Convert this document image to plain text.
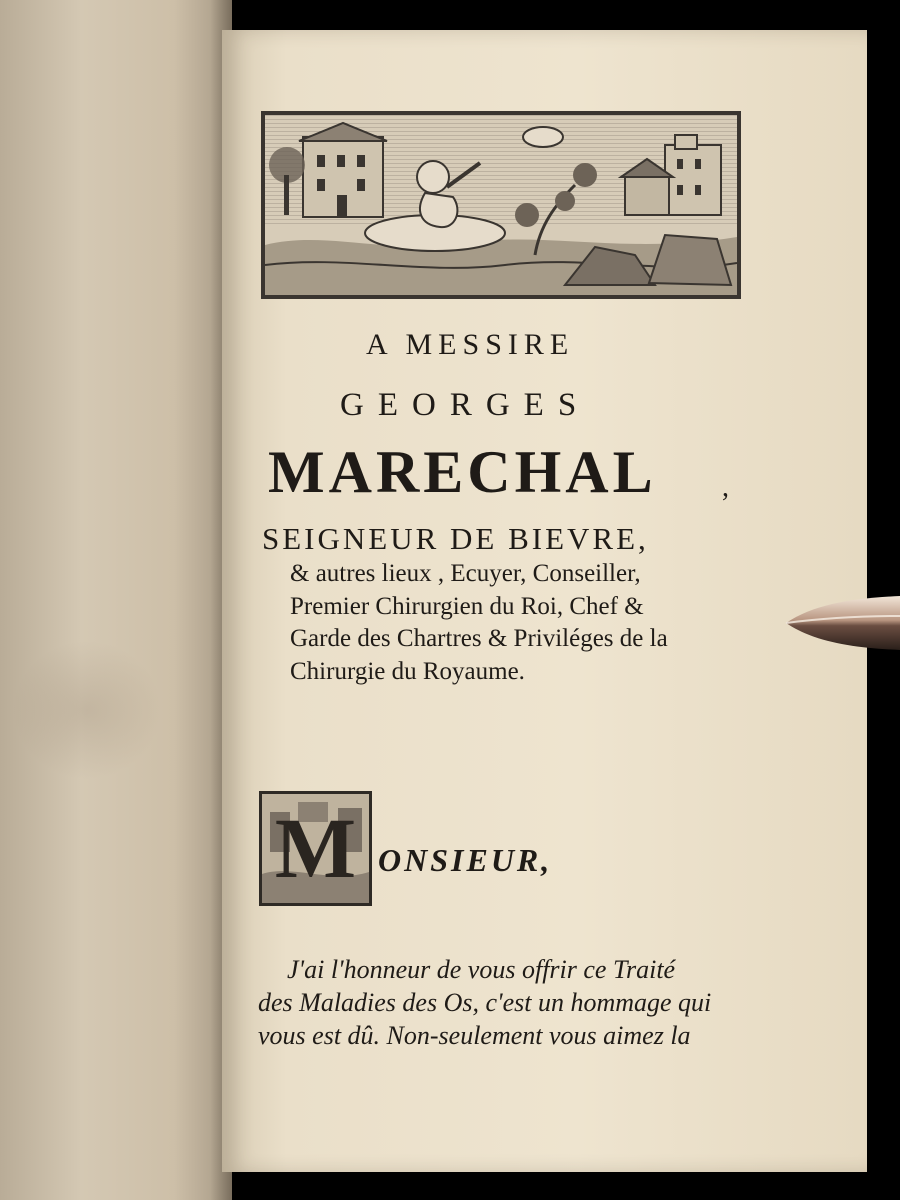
A MESSIRE
GEORGES
MARECHAL ,
SEIGNEUR DE BIEVRE,
& autres lieux , Ecuyer, Conseiller,
Premier Chirurgien du Roi, Chef &
Garde des Chartres & Priviléges de la
Chirurgie du Royaume.
M ONSIEUR,
J'ai l'honneur de vous offrir ce Traité
des Maladies des Os, c'est un hommage qui
vous est dû. Non-seulement vous aimez la
